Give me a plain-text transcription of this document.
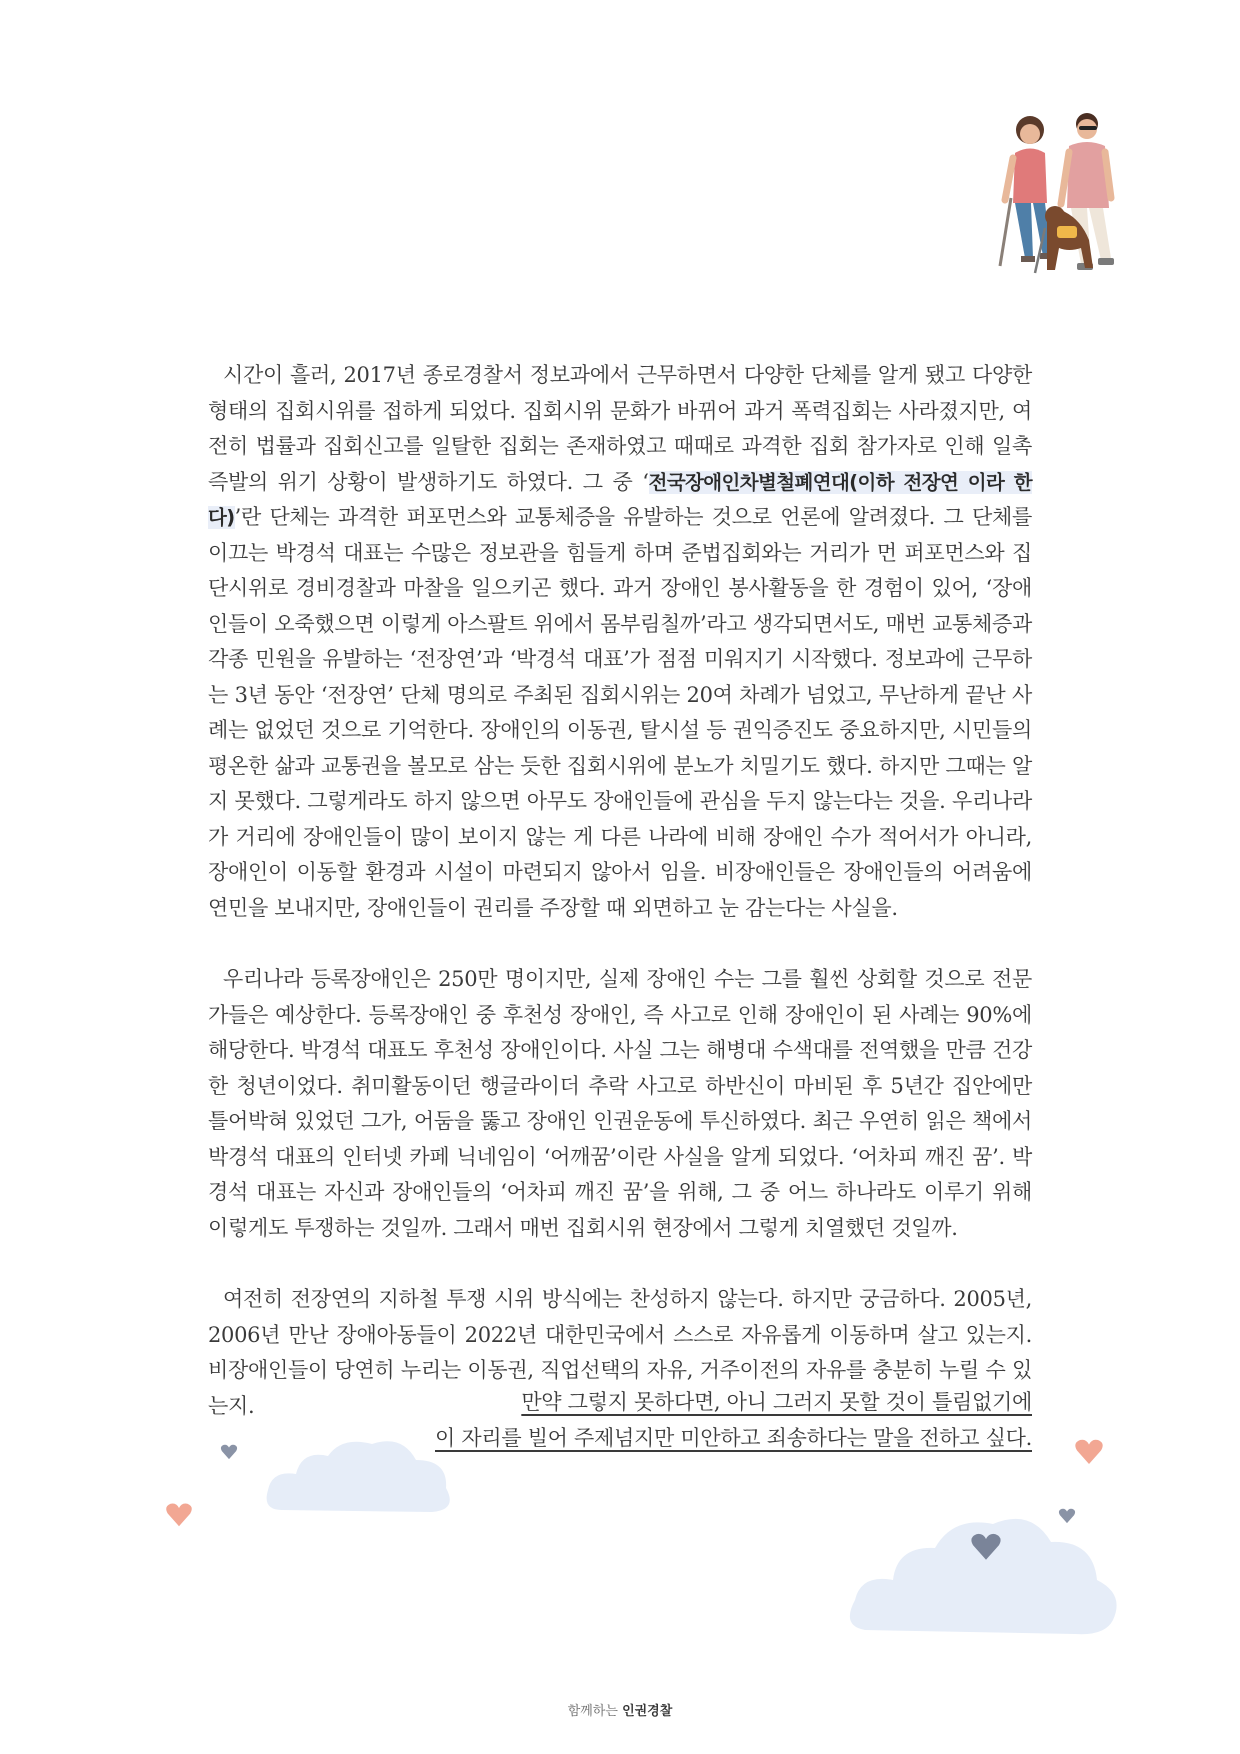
시간이 흘러, 2017년 종로경찰서 정보과에서 근무하면서 다양한 단체를 알게 됐고 다양한 형태의 집회시위를 접하게 되었다. 집회시위 문화가 바뀌어 과거 폭력집회는 사라졌지만, 여전히 법률과 집회신고를 일탈한 집회는 존재하였고 때때로 과격한 집회 참가자로 인해 일촉즉발의 위기 상황이 발생하기도 하였다. 그 중 ‘전국장애인차별철폐연대(이하 전장연 이라 한다)’란 단체는 과격한 퍼포먼스와 교통체증을 유발하는 것으로 언론에 알려졌다. 그 단체를 이끄는 박경석 대표는 수많은 정보관을 힘들게 하며 준법집회와는 거리가 먼 퍼포먼스와 집단시위로 경비경찰과 마찰을 일으키곤 했다. 과거 장애인 봉사활동을 한 경험이 있어, ‘장애인들이 오죽했으면 이렇게 아스팔트 위에서 몸부림칠까’라고 생각되면서도, 매번 교통체증과 각종 민원을 유발하는 ‘전장연’과 ‘박경석 대표’가 점점 미워지기 시작했다. 정보과에 근무하는 3년 동안 ‘전장연’ 단체 명의로 주최된 집회시위는 20여 차례가 넘었고, 무난하게 끝난 사례는 없었던 것으로 기억한다. 장애인의 이동권, 탈시설 등 권익증진도 중요하지만, 시민들의 평온한 삶과 교통권을 볼모로 삼는 듯한 집회시위에 분노가 치밀기도 했다. 하지만 그때는 알지 못했다. 그렇게라도 하지 않으면 아무도 장애인들에 관심을 두지 않는다는 것을. 우리나라가 거리에 장애인들이 많이 보이지 않는 게 다른 나라에 비해 장애인 수가 적어서가 아니라, 장애인이 이동할 환경과 시설이 마련되지 않아서 임을. 비장애인들은 장애인들의 어려움에 연민을 보내지만, 장애인들이 권리를 주장할 때 외면하고 눈 감는다는 사실을.

우리나라 등록장애인은 250만 명이지만, 실제 장애인 수는 그를 훨씬 상회할 것으로 전문가들은 예상한다. 등록장애인 중 후천성 장애인, 즉 사고로 인해 장애인이 된 사례는 90%에 해당한다. 박경석 대표도 후천성 장애인이다. 사실 그는 해병대 수색대를 전역했을 만큼 건강한 청년이었다. 취미활동이던 행글라이더 추락 사고로 하반신이 마비된 후 5년간 집안에만 틀어박혀 있었던 그가, 어둠을 뚫고 장애인 인권운동에 투신하였다. 최근 우연히 읽은 책에서 박경석 대표의 인터넷 카페 닉네임이 ‘어깨꿈’이란 사실을 알게 되었다. ‘어차피 깨진 꿈’. 박경석 대표는 자신과 장애인들의 ‘어차피 깨진 꿈’을 위해, 그 중 어느 하나라도 이루기 위해 이렇게도 투쟁하는 것일까. 그래서 매번 집회시위 현장에서 그렇게 치열했던 것일까.

여전히 전장연의 지하철 투쟁 시위 방식에는 찬성하지 않는다. 하지만 궁금하다. 2005년, 2006년 만난 장애아동들이 2022년 대한민국에서 스스로 자유롭게 이동하며 살고 있는지. 비장애인들이 당연히 누리는 이동권, 직업선택의 자유, 거주이전의 자유를 충분히 누릴 수 있는지.	만약 그렇지 못하다면, 아니 그러지 못할 것이 틀림없기에
이 자리를 빌어 주제넘지만 미안하고 죄송하다는 말을 전하고 싶다.
함께하는 인권경찰
